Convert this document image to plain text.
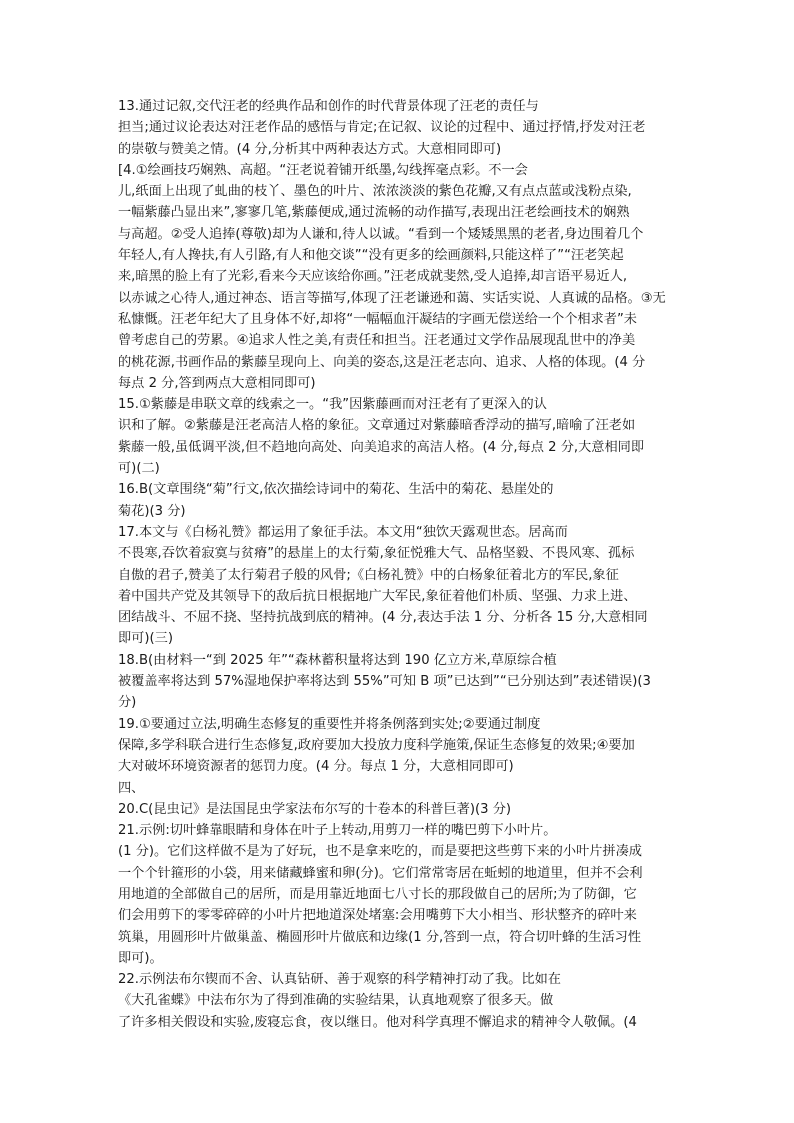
13.通过记叙,交代汪老的经典作品和创作的时代背景体现了汪老的责任与
担当;通过议论表达对汪老作品的感悟与肯定;在记叙、议论的过程中、通过抒情,抒发对汪老
的崇敬与赞美之情。(4 分,分析其中两种表达方式。大意相同即可)
[4.①绘画技巧娴熟、高超。“汪老说着铺开纸墨,勾线挥毫点彩。不一会
儿,纸面上出现了虬曲的枝丫、墨色的叶片、浓浓淡淡的紫色花瓣,又有点点蓝或浅粉点染,
一幅紫藤凸显出来”,寥寥几笔,紫藤便成,通过流畅的动作描写,表现出汪老绘画技术的娴熟
与高超。②受人追捧(尊敬)却为人谦和,待人以诚。“看到一个矮矮黑黑的老者,身边围着几个
年轻人,有人搀扶,有人引路,有人和他交谈”“没有更多的绘画颜料,只能这样了”“汪老笑起
来,暗黑的脸上有了光彩,看来今天应该给你画。”汪老成就斐然,受人追捧,却言语平易近人,
以赤诚之心待人,通过神态、语言等描写,体现了汪老谦逊和蔼、实话实说、人真诚的品格。③无
私慷慨。汪老年纪大了且身体不好,却将“一幅幅血汗凝结的字画无偿送给一个个相求者”未
曾考虑自己的劳累。④追求人性之美,有责任和担当。汪老通过文学作品展现乱世中的净美
的桃花源,书画作品的紫藤呈现向上、向美的姿态,这是汪老志向、追求、人格的体现。(4 分
每点 2 分,答到两点大意相同即可)
15.①紫藤是串联文章的线索之一。“我”因紫藤画而对汪老有了更深入的认
识和了解。②紫藤是汪老高洁人格的象征。文章通过对紫藤暗香浮动的描写,暗喻了汪老如
紫藤一般,虽低调平淡,但不趋地向高处、向美追求的高洁人格。(4 分,每点 2 分,大意相同即
可)(二)
16.B(文章围绕“菊”行文,依次描绘诗词中的菊花、生活中的菊花、悬崖处的
菊花)(3 分)
17.本文与《白杨礼赞》都运用了象征手法。本文用“独饮天露观世态。居高而
不畏寒,吞饮着寂寞与贫瘠”的悬崖上的太行菊,象征悦雅大气、品格坚毅、不畏风寒、孤标
自傲的君子,赞美了太行菊君子般的风骨;《白杨礼赞》中的白杨象征着北方的军民,象征
着中国共产党及其领导下的敌后抗日根据地广大军民,象征着他们朴质、坚强、力求上进、
团结战斗、不屈不挠、坚持抗战到底的精神。(4 分,表达手法 1 分、分析各 15 分,大意相同
即可)(三)
18.B(由材料一“到 2025 年”“森林蓄积量将达到 190 亿立方米,草原综合植
被覆盖率将达到 57%湿地保护率将达到 55%”可知 B 项”已达到”“已分别达到”表述错误)(3
分)
19.①要通过立法,明确生态修复的重要性并将条例落到实处;②要通过制度
保障,多学科联合进行生态修复,政府要加大投放力度科学施策,保证生态修复的效果;④要加
大对破坏环境资源者的惩罚力度。(4 分。每点 1 分，大意相同即可)
四、
20.C(昆虫记》是法国昆虫学家法布尔写的十卷本的科普巨著)(3 分)
21.示例:切叶蜂靠眼睛和身体在叶子上转动,用剪刀一样的嘴巴剪下小叶片。
(1 分)。它们这样做不是为了好玩，也不是拿来吃的，而是要把这些剪下来的小叶片拼凑成
一个个针箍形的小袋，用来储藏蜂蜜和卵(分)。它们常常寄居在蚯蚓的地道里，但并不会利
用地道的全部做自己的居所，而是用靠近地面七八寸长的那段做自己的居所;为了防御，它
们会用剪下的零零碎碎的小叶片把地道深处堵塞:会用嘴剪下大小相当、形状整齐的碎叶来
筑巢，用圆形叶片做巢盖、椭圆形叶片做底和边缘(1 分,答到一点，符合切叶蜂的生活习性
即可)。
22.示例法布尔锲而不舍、认真钻研、善于观察的科学精神打动了我。比如在
《大孔雀蝶》中法布尔为了得到准确的实验结果，认真地观察了很多天。做
了许多相关假设和实验,废寝忘食，夜以继日。他对科学真理不懈追求的精神令人敬佩。(4
